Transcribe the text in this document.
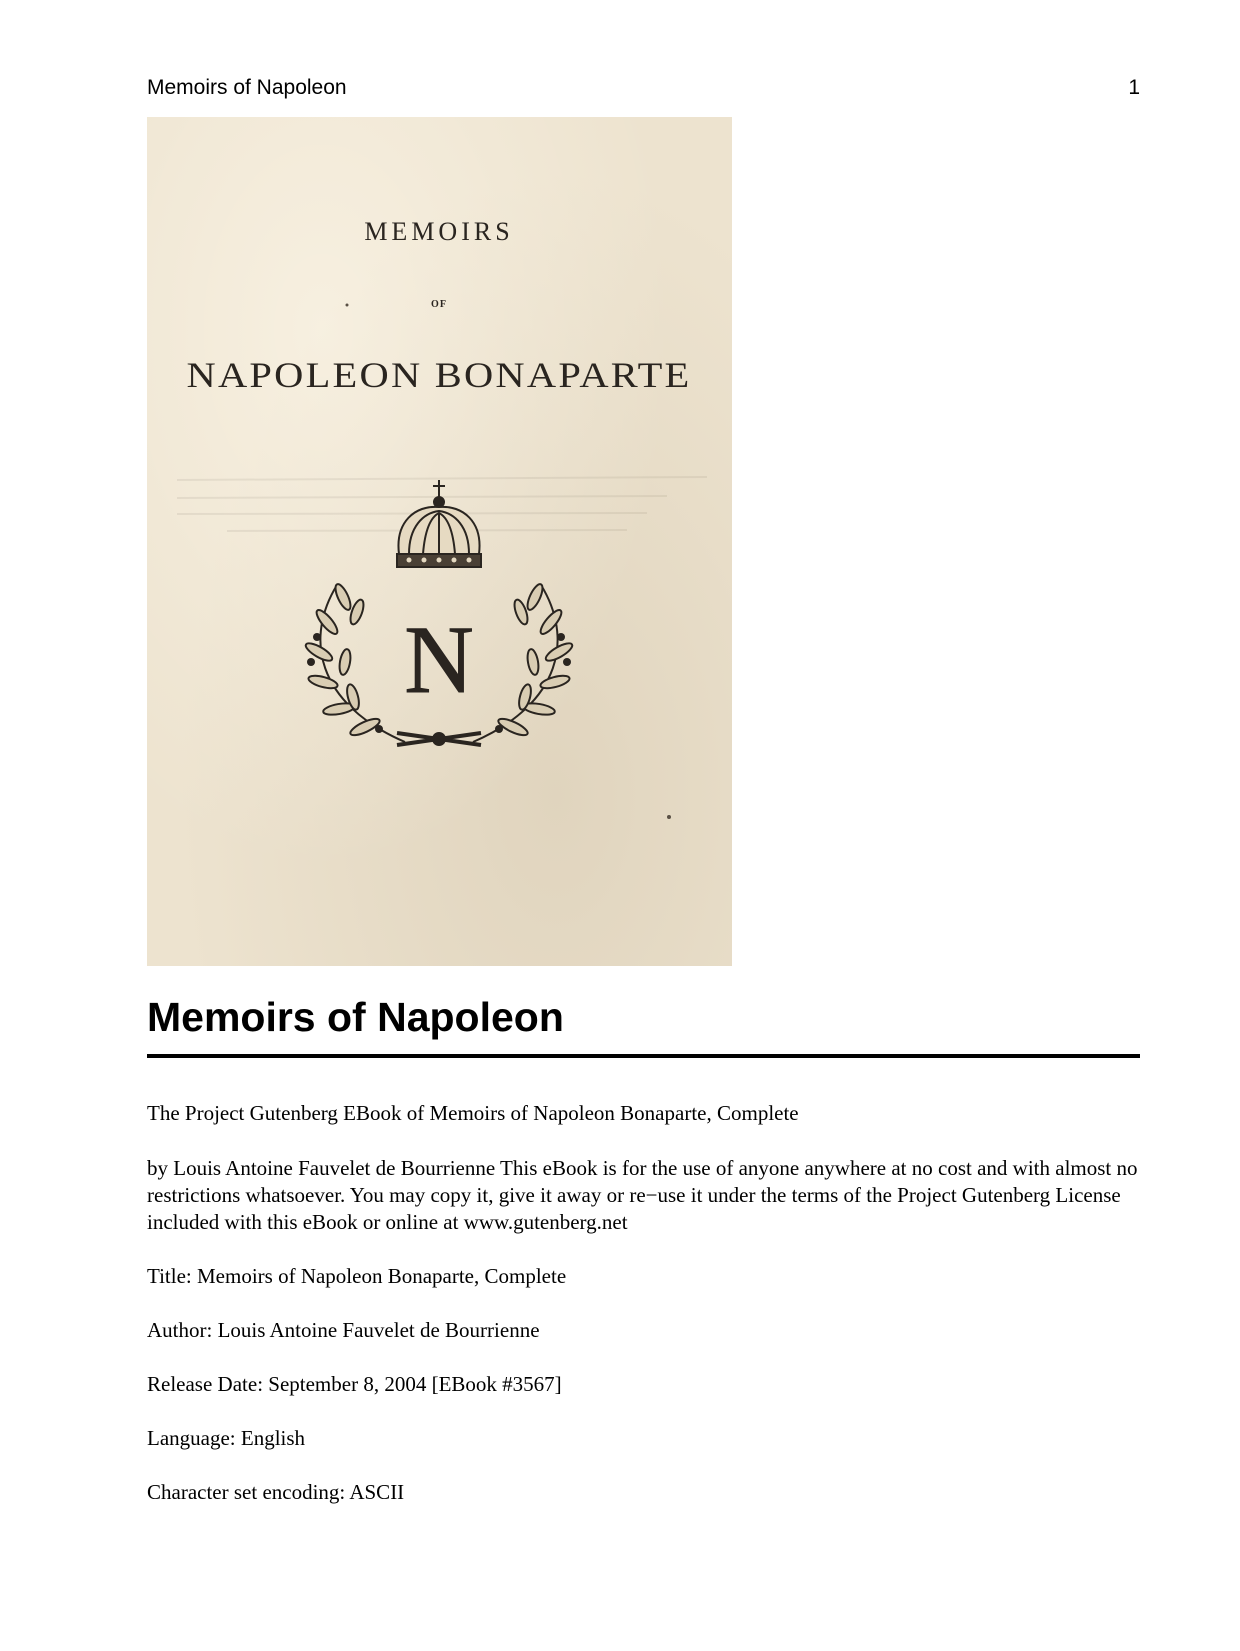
Memoirs of Napoleon	1
MEMOIRS
OF
NAPOLEON BONAPARTE
N
Memoirs of Napoleon

The Project Gutenberg EBook of Memoirs of Napoleon Bonaparte, Complete

by Louis Antoine Fauvelet de Bourrienne This eBook is for the use of anyone anywhere at no cost and with almost no restrictions whatsoever. You may copy it, give it away or re−use it under the terms of the Project Gutenberg License included with this eBook or online at www.gutenberg.net

Title: Memoirs of Napoleon Bonaparte, Complete

Author: Louis Antoine Fauvelet de Bourrienne

Release Date: September 8, 2004 [EBook #3567]

Language: English

Character set encoding: ASCII
